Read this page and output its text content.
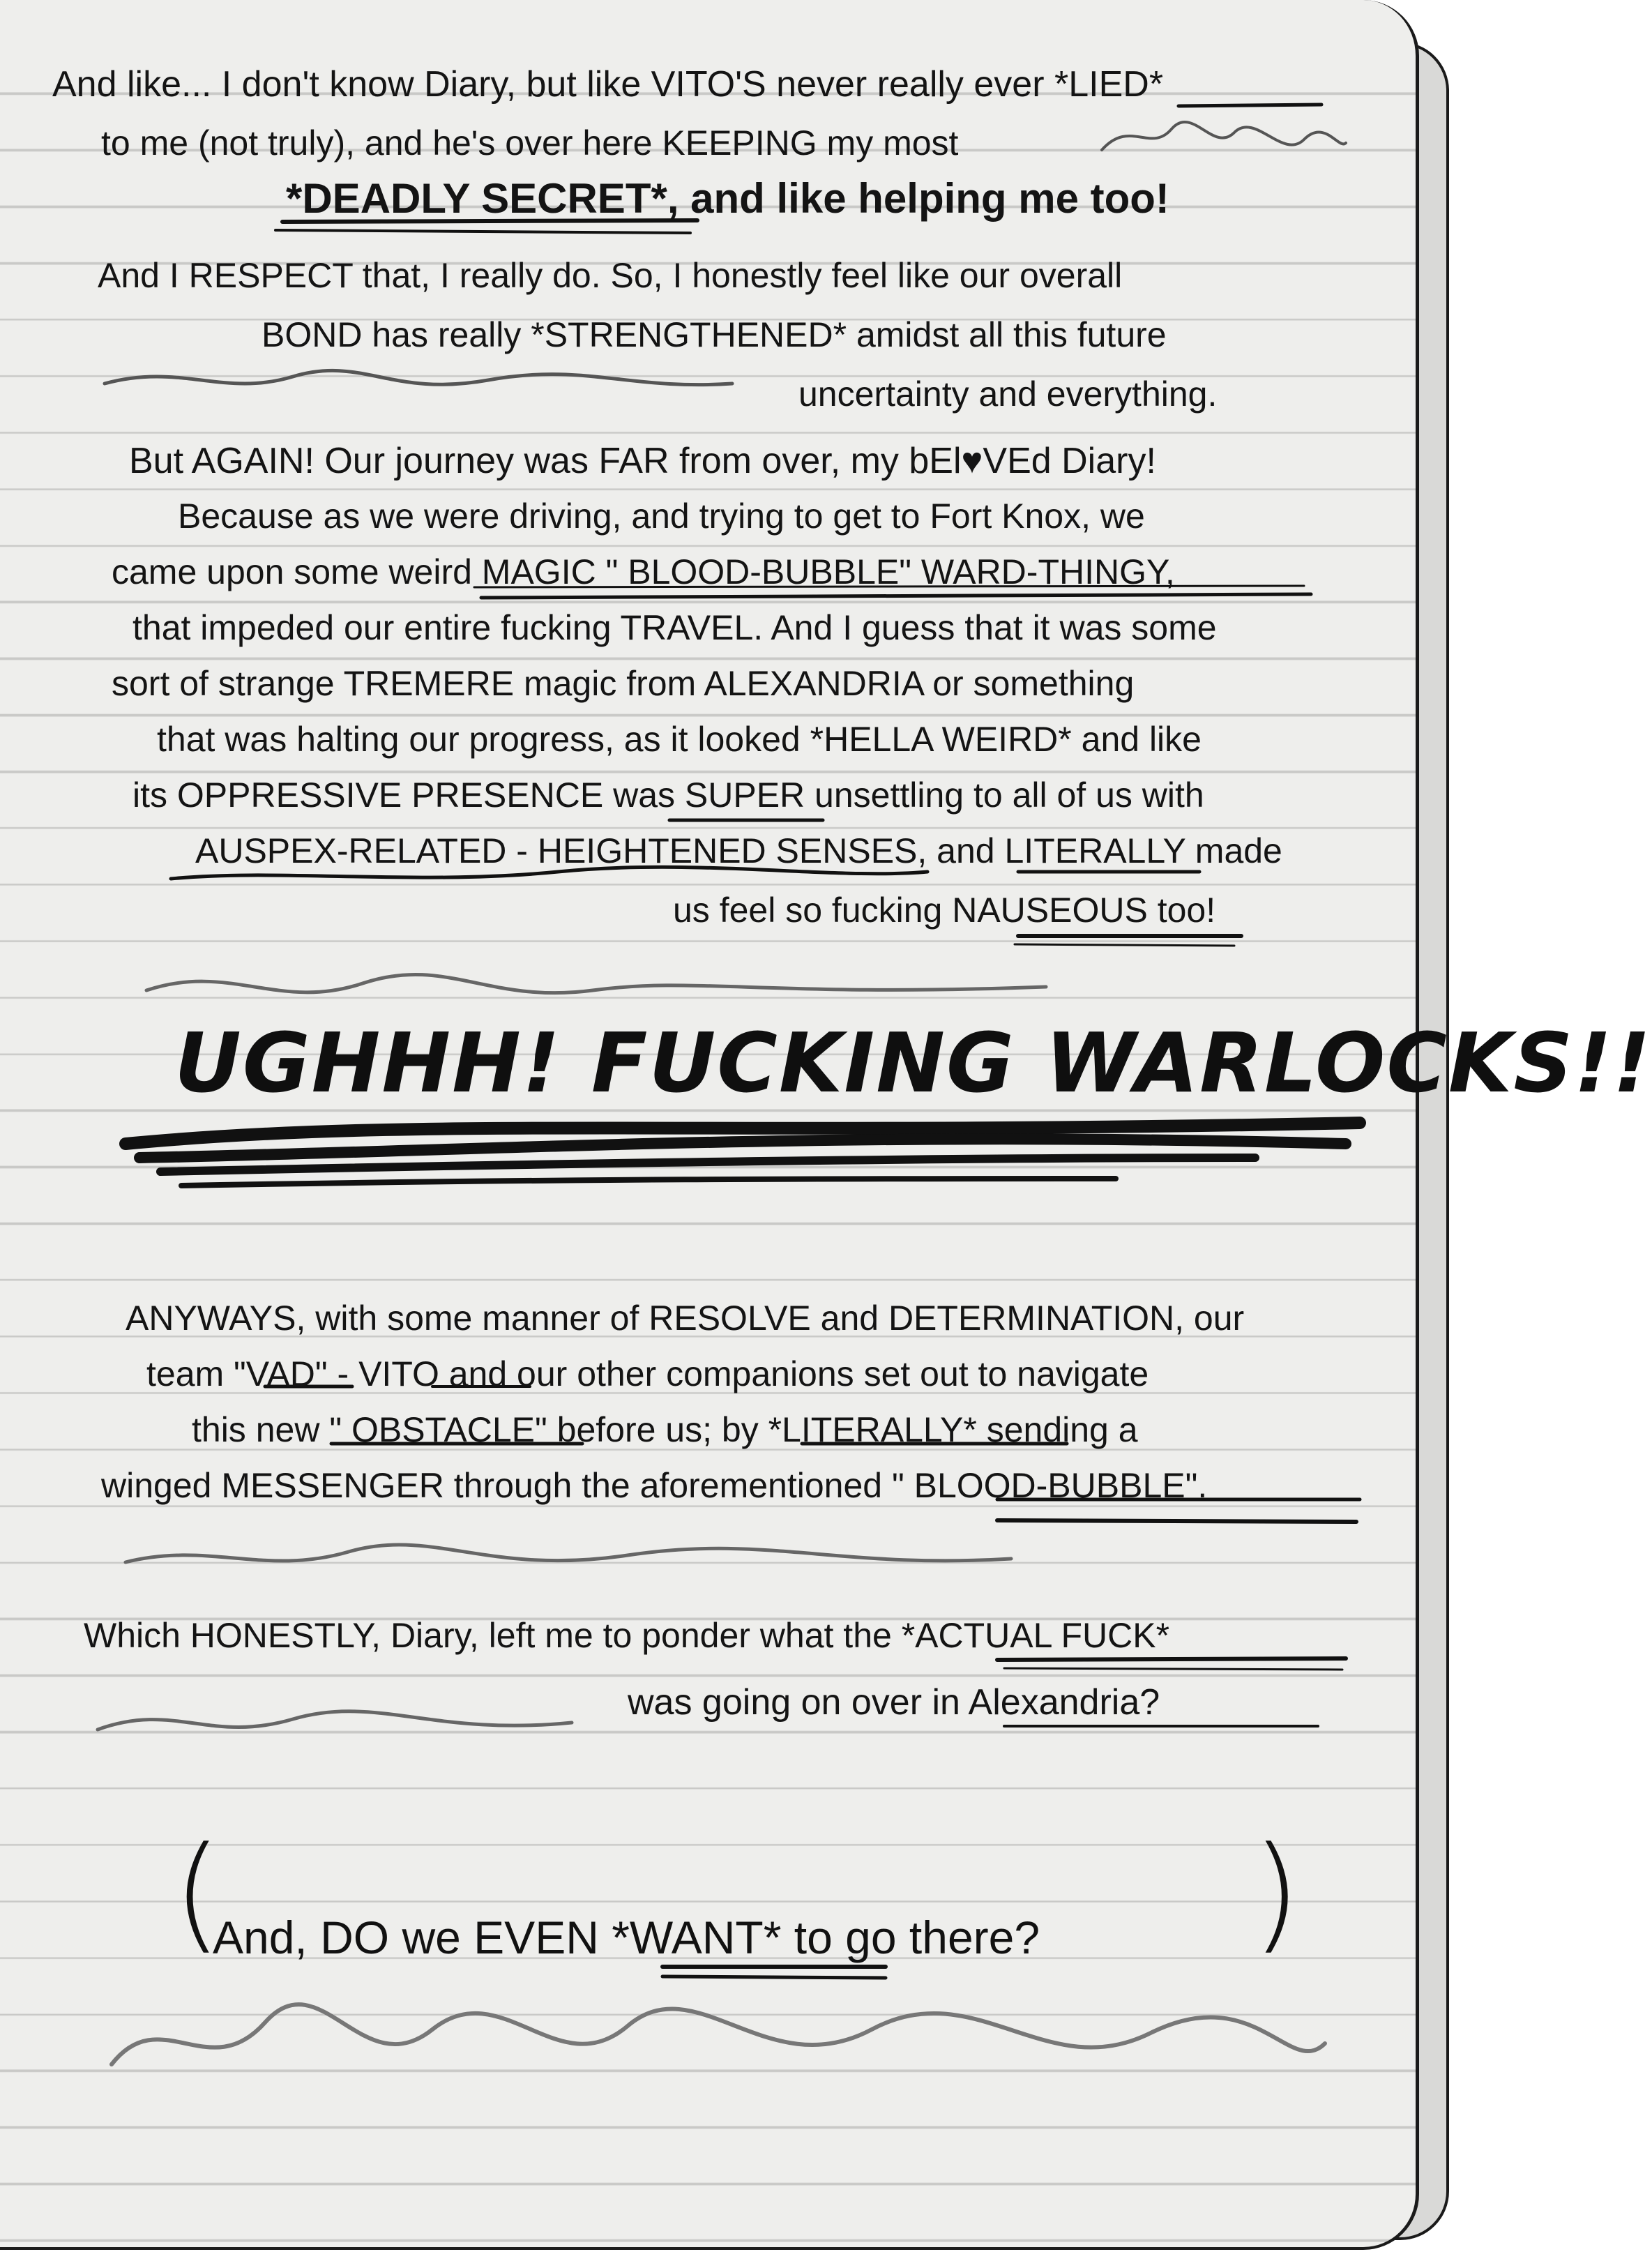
And like... I don't know Diary, but like VITO'S never really ever *LIED*
to me (not truly), and he's over here KEEPING my most
*DEADLY SECRET*, and like helping me too!
And I RESPECT that, I really do. So, I honestly feel like our overall
BOND has really *STRENGTHENED* amidst all this future
uncertainty and everything.
But AGAIN! Our journey was FAR from over, my bEl♥VEd Diary!
Because as we were driving, and trying to get to Fort Knox, we
came upon some weird MAGIC " BLOOD-BUBBLE" WARD-THINGY,
that impeded our entire fucking TRAVEL. And I guess that it was some
sort of strange TREMERE magic from ALEXANDRIA or something
that was halting our progress, as it looked *HELLA WEIRD* and like
its OPPRESSIVE PRESENCE was SUPER unsettling to all of us with
AUSPEX-RELATED - HEIGHTENED SENSES, and LITERALLY made
us feel so fucking NAUSEOUS too!
UGHHH! FUCKING WARLOCKS!!
ANYWAYS, with some manner of RESOLVE and DETERMINATION, our
team "VAD" - VITO and our other companions set out to navigate
this new " OBSTACLE" before us; by *LITERALLY* sending a
winged MESSENGER through the aforementioned " BLOOD-BUBBLE".
Which HONESTLY, Diary, left me to ponder what the *ACTUAL FUCK*
was going on over in Alexandria?
(
And, DO we EVEN *WANT* to go there? )
